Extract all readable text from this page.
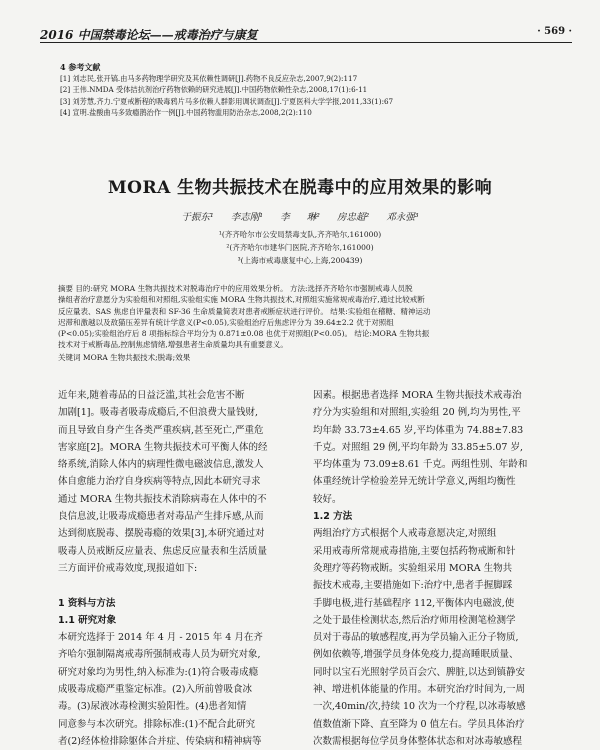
2016 中国禁毒论坛——戒毒治疗与康复	· 569 ·
4 参考文献
[1] 刘志民,张开镐.由马多药物理学研究及其依赖性调研[J].药物不良反应杂志,2007,9(2):117
[2] 王伟.NMDA 受体拮抗剂治疗药物依赖的研究进展[J].中国药物依赖性杂志,2008,17(1):6-11
[3] 刘芳慧,齐力.宁夏戒断程的吸毒鸦片马多依赖人群影用调状调查[J].宁夏医科大学学报,2011,33(1):67
[4] 宣明.盐酸曲马多致瘾鹊治作一例[J].中国药物滥用防治杂志,2008,2(2):110
MORA 生物共振技术在脱毒中的应用效果的影响
于振东¹ 李志刚¹ 李 琳² 房忠超² 邓永强³
¹(齐齐哈尔市公安局禁毒支队,齐齐哈尔,161000)
²(齐齐哈尔市建华门医院,齐齐哈尔,161000)
³(上海市戒毒康复中心,上海,200439)
摘要 目的:研究 MORA 生物共振技术对脱毒治疗中的应用效果分析。 方法:选择齐齐哈尔市强制戒毒人员脱
操组者治疗意愿分为实验组和对照组,实验组实施 MORA 生物共振技术,对照组实施常规戒毒治疗,通过比较戒断
反应量表、SAS 焦虑自评量表和 SF-36 生命质量简表对患者戒断症状进行评价。 结果:实验组在稽糖、精神运动
迟滞和激越以及敌猫压差异有统计学意义(P<0.05),实验组治疗后焦虑评分为 39.64±2.2 优于对照组
(P<0.05);实验组治疗后 8 项指标综合平均分为 0.871±0.08 也优于对照组(P<0.05)。 结论:MORA 生物共振
技术对于戒断毒品,控制焦虑情绪,增强患者生命质量均具有重要意义。
关键词 MORA 生物共振技术;脱毒;效果
近年来,随着毒品的日益泛滥,其社会危害不断
加剧[1]。吸毒者吸毒成瘾后,不但浪费大量钱财,
而且导致自身产生各类严重疾病,甚至死亡,严重危
害家庭[2]。MORA 生物共振技术可平衡人体的经
络系统,消除人体内的病理性微电磁波信息,激发人
体自愈能力治疗自身疾病等特点,因此本研究寻求
通过 MORA 生物共振技术消除病毒在人体中的不
良信息波,让吸毒成瘾患者对毒品产生排斥感,从而
达到彻底脱毒、摆脱毒瘾的效果[3],本研究通过对
吸毒人员戒断反应量表、焦虑反应量表和生活质量
三方面评价戒毒效度,现报道如下:

1 资料与方法
1.1 研究对象
本研究选择于 2014 年 4 月 - 2015 年 4 月在齐
齐哈尔强制隔离戒毒所强制戒毒人员为研究对象,
研究对象均为男性,纳入标准为:(1)符合吸毒成瘾
成吸毒成瘾严重鉴定标准。(2)入所前曾吸食冰
毒。(3)尿液冰毒检测实验阳性。(4)患者知情
同意参与本次研究。排除标准:(1)不配合此研究
者(2)经体检排除躯体合并症、传染病和精神病等
因素。根据患者选择 MORA 生物共振技术戒毒治
疗分为实验组和对照组,实验组 20 例,均为男性,平
均年龄 33.73±4.65 岁,平均体重为 74.88±7.83
千克。对照组 29 例,平均年龄为 33.85±5.07 岁,
平均体重为 73.09±8.61 千克。两组性别、年龄和
体重经统计学检验差异无统计学意义,两组均衡性
较好。
1.2 方法
两组治疗方式根据个人戒毒意愿决定,对照组
采用戒毒所常规戒毒措施,主要包括药物戒断和针
灸理疗等药物戒断。实验组采用 MORA 生物共
振技术戒毒,主要措施如下:治疗中,患者手握脚踩
手脚电极,进行基础程序 112,平衡体内电磁波,使
之处于最佳检测状态,然后治疗师用检测笔检测学
员对于毒品的敏感程度,再为学员输入正分子物质,
例如依赖等,增强学员身体免疫力,提高睡眠质量、
同时以宝石光照射学员百会穴、脾脏,以达到镇静安
神、增进机体能量的作用。本研究治疗时间为,一周
一次,40min/次,持续 10 次为一个疗程,以冰毒敏感
值数值渐下降、直至降为 0 值左右。学员具体治疗
次数需根据每位学员身体整体状态和对冰毒敏感程
